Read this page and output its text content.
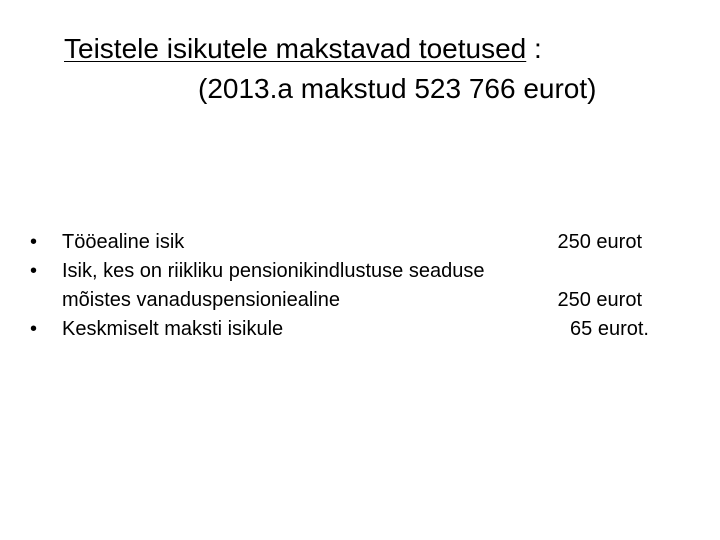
Teistele isikutele makstavad toetused :
(2013.a makstud 523 766 eurot)
• Tööealine isik	250 eurot
• Isik, kes on riikliku pensionikindlustuse seaduse
mõistes vanaduspensioniealine	250 eurot
• Keskmiselt maksti isikule	65 eurot.
